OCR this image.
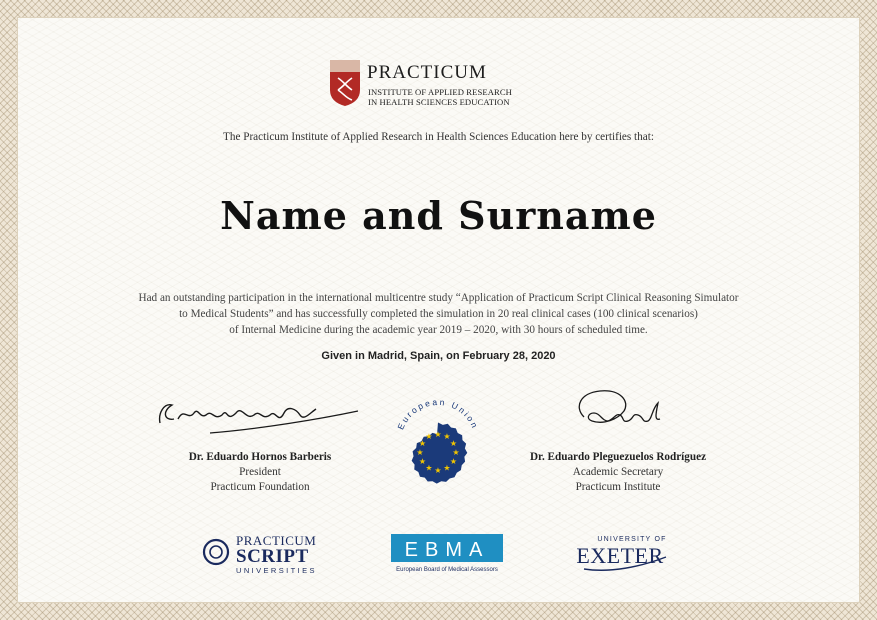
PRACTICUM
INSTITUTE OF APPLIED RESEARCH
IN HEALTH SCIENCES EDUCATION
The Practicum Institute of Applied Research in Health Sciences Education here by certifies that:
Name and Surname
Had an outstanding participation in the international multicentre study “Application of Practicum Script Clinical Reasoning Simulator
to Medical Students” and has successfully completed the simulation in 20 real clinical cases (100 clinical scenarios)
of Internal Medicine during the academic year 2019 – 2020, with 30 hours of scheduled time.
Given in Madrid, Spain, on February 28, 2020
Dr. Eduardo Hornos Barberis
President
Practicum Foundation
European Union
★ ★
★
★
★
★
★
★
★
★
★
★
Dr. Eduardo Pleguezuelos Rodríguez
Academic Secretary
Practicum Institute
PRACTICUM
SCRIPT
UNIVERSITIES
EBMA
European Board of Medical Assessors
UNIVERSITY OF
EXETER
